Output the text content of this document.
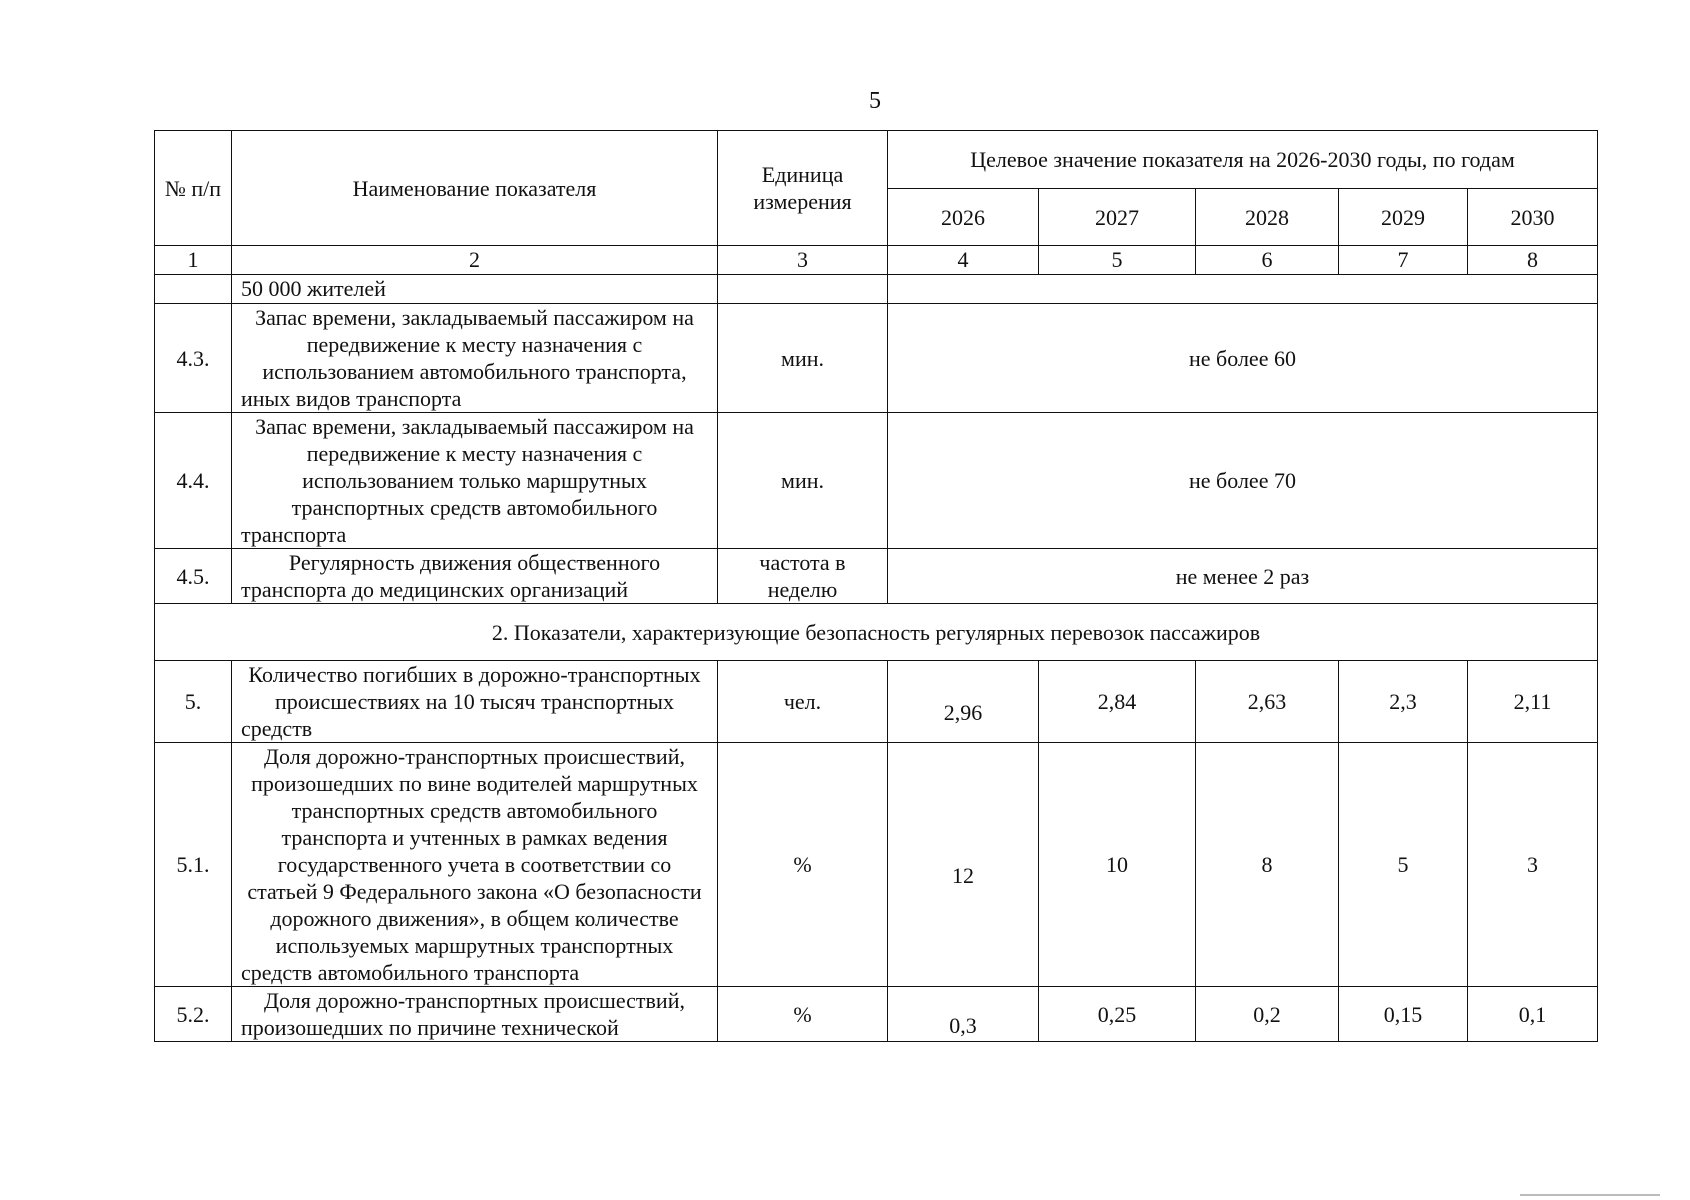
5
№ п/п	Наименование показателя	Единица измерения	Целевое значение показателя на 2026-2030 годы, по годам				
			2026	2027	2028	2029	2030
1	2	3	4	5	6	7	8
	50 000 жителей						
4.3.	Запас времени, закладываемый пассажиром на передвижение к месту назначения с использованием автомобильного транспорта, иных видов транспорта	мин.	не более 60				
4.4.	Запас времени, закладываемый пассажиром на передвижение к месту назначения с использованием только маршрутных транспортных средств автомобильного транспорта	мин.	не более 70				
4.5.	Регулярность движения общественного транспорта до медицинских организаций	частота в неделю	не менее 2 раз				
2. Показатели, характеризующие безопасность регулярных перевозок пассажиров							
5.	Количество погибших в дорожно-транспортных происшествиях на 10 тысяч транспортных средств	чел.	2,96	2,84	2,63	2,3	2,11
5.1.	Доля дорожно-транспортных происшествий, произошедших по вине водителей маршрутных транспортных средств автомобильного транспорта и учтенных в рамках ведения государственного учета в соответствии со статьей 9 Федерального закона «О безопасности дорожного движения», в общем количестве используемых маршрутных транспортных средств автомобильного транспорта	%	12	10	8	5	3
5.2.	Доля дорожно-транспортных происшествий, произошедших по причине технической	%	0,3	0,25	0,2	0,15	0,1
